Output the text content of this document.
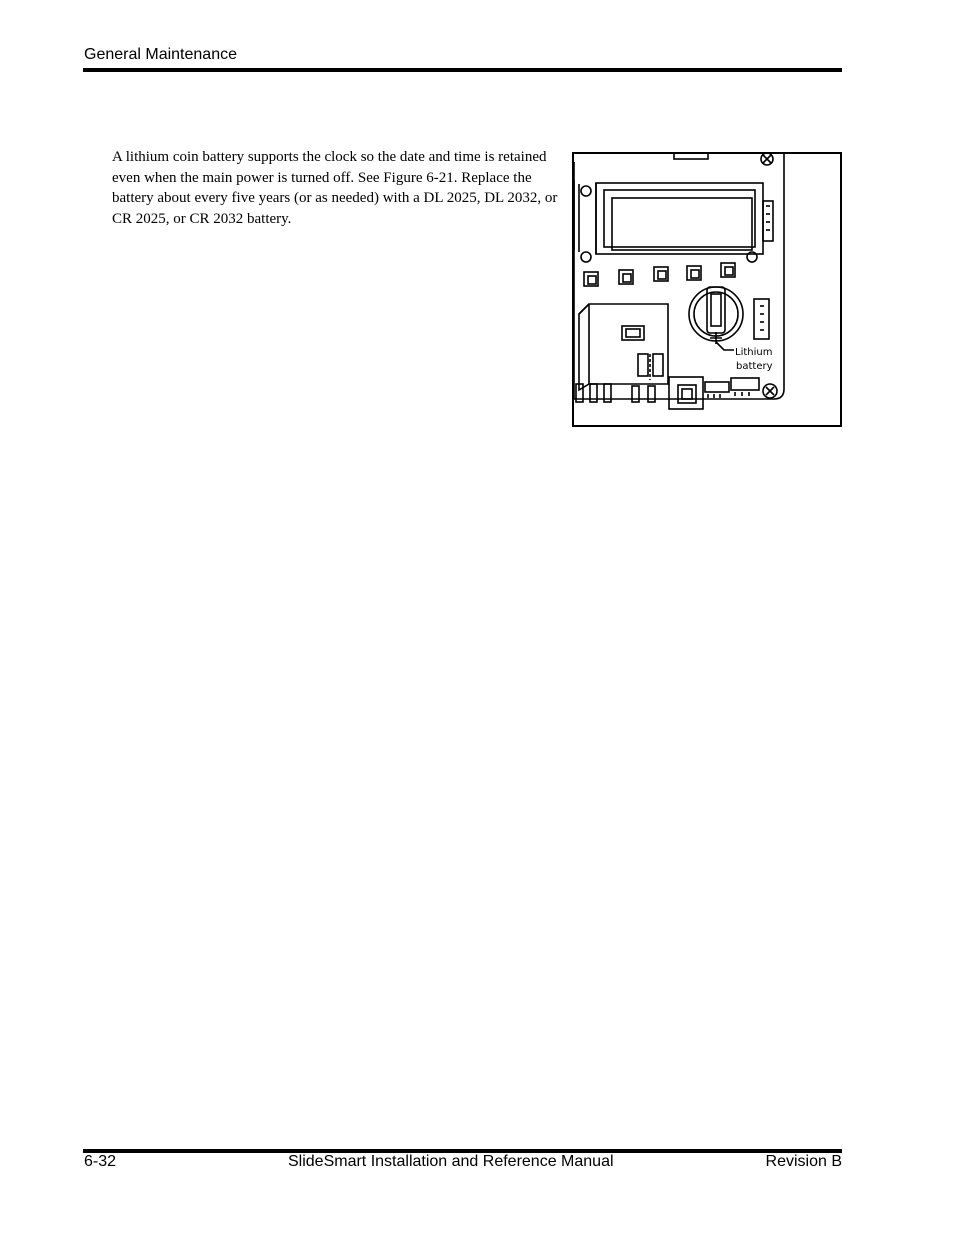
General Maintenance
A lithium coin battery supports the clock so the date and time is retained even when the main power is turned off. See Figure 6-21. Replace the battery about every five years (or as needed) with a DL 2025, DL 2032, or CR 2025, or CR 2032 battery.
Lithium
battery
6-32	SlideSmart Installation and Reference Manual	Revision B
